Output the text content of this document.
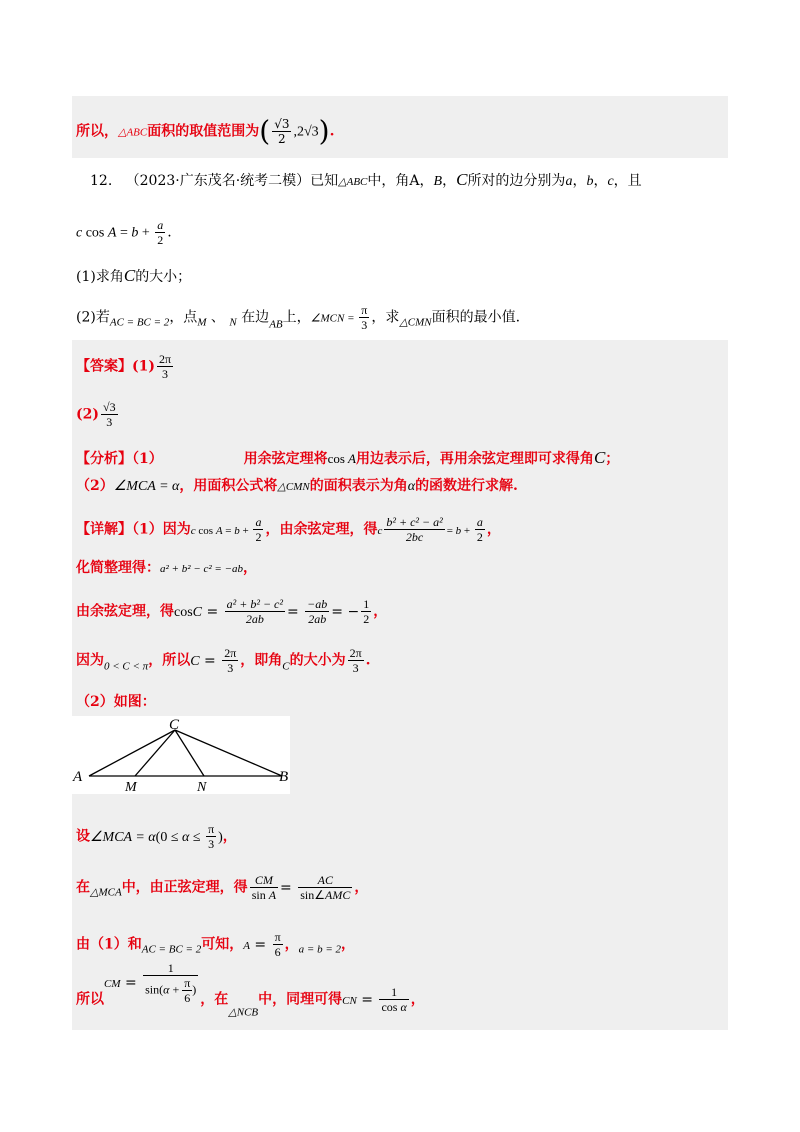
所以，△ABC面积的取值范围为( $\frac{√3}{2} ,2√3$).
12. （2023·广东茂名·统考二模）已知△ABC中，角A，B，C所对的边分别为a，b，c，且
c $\cos A = b + \frac{a}{2}$ .
(1)求角C的大小；
(2)若$_{AC = BC = 2}$，点$_M$ 、 $_N$ 在边$_{AB}$上，∠MCN = $\frac{\pi}{3}$ ，求$_{\triangle CMN}$面积的最小值.
【答案】$(1) \frac{2\pi}{3}$
$(2) \frac{√3}{3}$
【分析】（1）	用余弦定理将cos A用边表示后，再用余弦定理即可求得角C；
（2）∠MCA = α，用面积公式将△CMN的面积表示为角α的函数进行求解.
【详解】（1）因为c $\cos A = b + \frac{a}{2}$ ，由余弦定理，得c $\frac{\text{b² + c² − a²}}{2bc} = b + \frac{a}{2}$ ，
化简整理得：a² + b² − c² = −ab，
由余弦定理，得$\cos C = \frac{\text{a² + b² − c²}}{2ab} = \frac{-ab}{2ab}$ = − $\frac{1}{2}$ ，
因为$_{0 < C < \pi}$，所以$C = \frac{2\pi}{3}$ ，即角$_C$的大小为 $\frac{2\pi}{3}$ .
（2）如图：
C
A	B
M	N
设∠MCA = $\alpha(0 \le \alpha \le \frac{\pi}{3}$ )，
在$_{\triangle MCA}$中，由正弦定理，得 $\frac{CM}{\text{sin A}} = \frac{AC}{\text{sin∠AMC}}$ ，
由（1）和$_{AC = BC = 2}$可知，$A = \frac{\pi}{6}$ ，$_{a = b = 2}$，
所以CM = $\frac{1}{\sin(\alpha + \frac{\pi}{6} )}$ ，在$_{\triangle NCB}$中，同理可得CN = $\frac{1}{\text{cos α}}$ ，
